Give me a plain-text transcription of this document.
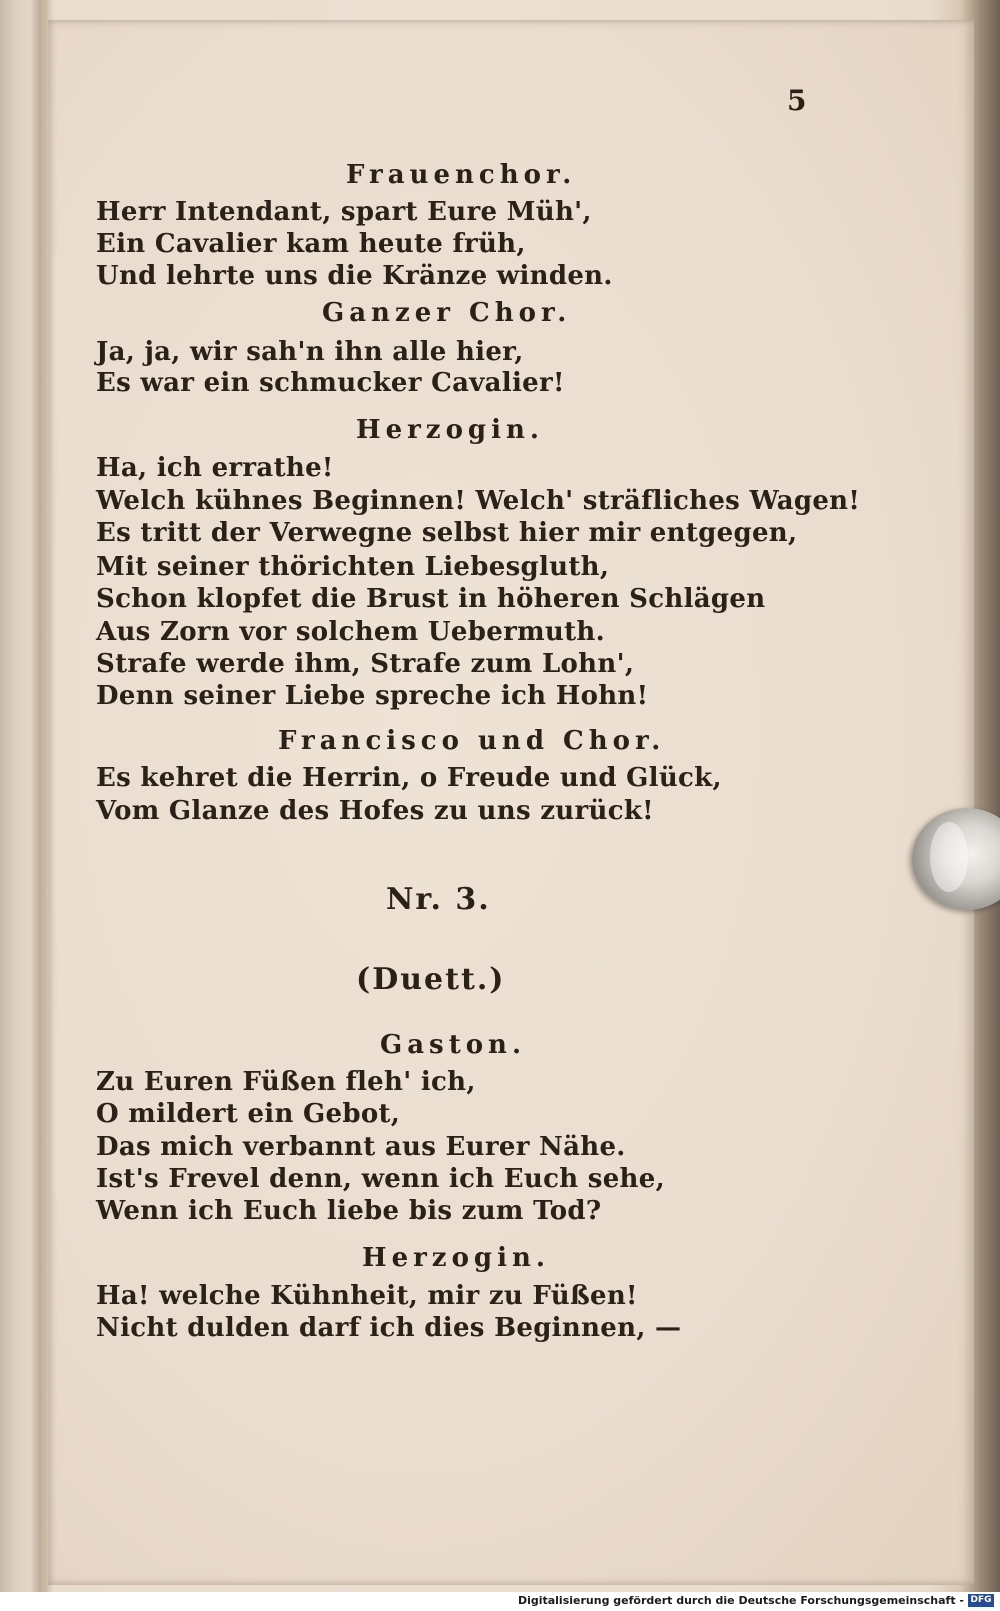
5
Frauenchor.
Herr Intendant, spart Eure Müh',
Ein Cavalier kam heute früh,
Und lehrte uns die Kränze winden.
Ganzer Chor.
Ja, ja, wir sah'n ihn alle hier,
Es war ein schmucker Cavalier!
Herzogin.
Ha, ich errathe!
Welch kühnes Beginnen! Welch' sträfliches Wagen!
Es tritt der Verwegne selbst hier mir entgegen,
Mit seiner thörichten Liebesgluth,
Schon klopfet die Brust in höheren Schlägen
Aus Zorn vor solchem Uebermuth.
Strafe werde ihm, Strafe zum Lohn',
Denn seiner Liebe spreche ich Hohn!
Francisco und Chor.
Es kehret die Herrin, o Freude und Glück,
Vom Glanze des Hofes zu uns zurück!
Nr. 3.
(Duett.)
Gaston.
Zu Euren Füßen fleh' ich,
O mildert ein Gebot,
Das mich verbannt aus Eurer Nähe.
Ist's Frevel denn, wenn ich Euch sehe,
Wenn ich Euch liebe bis zum Tod?
Herzogin.
Ha! welche Kühnheit, mir zu Füßen!
Nicht dulden darf ich dies Beginnen, —
Digitalisierung gefördert durch die Deutsche Forschungsgemeinschaft - DFG
